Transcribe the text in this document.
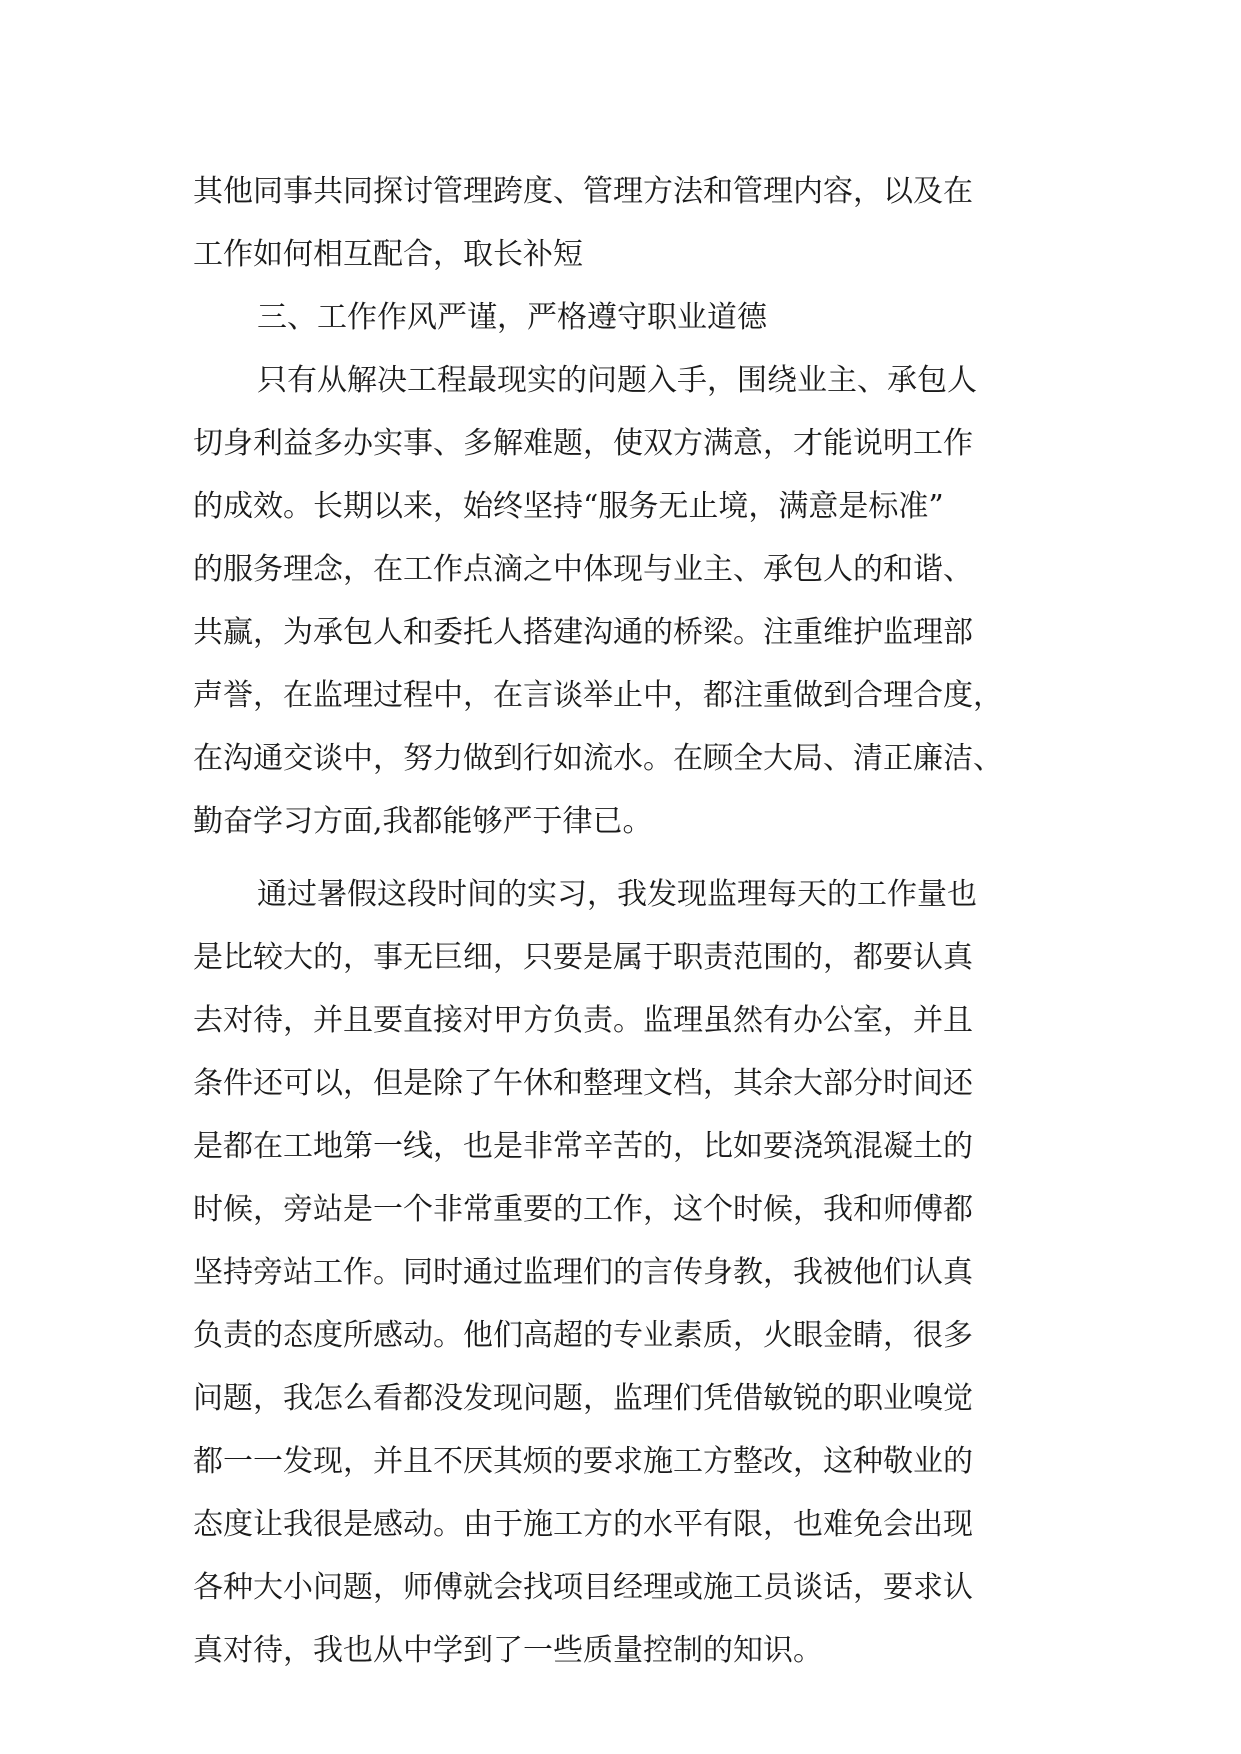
其他同事共同探讨管理跨度、管理方法和管理内容，以及在
工作如何相互配合，取长补短
三、工作作风严谨，严格遵守职业道德
只有从解决工程最现实的问题入手，围绕业主、承包人
切身利益多办实事、多解难题，使双方满意，才能说明工作
的成效。长期以来，始终坚持“服务无止境，满意是标准”
的服务理念，在工作点滴之中体现与业主、承包人的和谐、
共赢，为承包人和委托人搭建沟通的桥梁。注重维护监理部
声誉，在监理过程中，在言谈举止中，都注重做到合理合度，
在沟通交谈中，努力做到行如流水。在顾全大局、清正廉洁、
勤奋学习方面,我都能够严于律已。
通过暑假这段时间的实习，我发现监理每天的工作量也
是比较大的，事无巨细，只要是属于职责范围的，都要认真
去对待，并且要直接对甲方负责。监理虽然有办公室，并且
条件还可以，但是除了午休和整理文档，其余大部分时间还
是都在工地第一线，也是非常辛苦的，比如要浇筑混凝土的
时候，旁站是一个非常重要的工作，这个时候，我和师傅都
坚持旁站工作。同时通过监理们的言传身教，我被他们认真
负责的态度所感动。他们高超的专业素质，火眼金睛，很多
问题，我怎么看都没发现问题，监理们凭借敏锐的职业嗅觉
都一一发现，并且不厌其烦的要求施工方整改，这种敬业的
态度让我很是感动。由于施工方的水平有限，也难免会出现
各种大小问题，师傅就会找项目经理或施工员谈话，要求认
真对待，我也从中学到了一些质量控制的知识。
